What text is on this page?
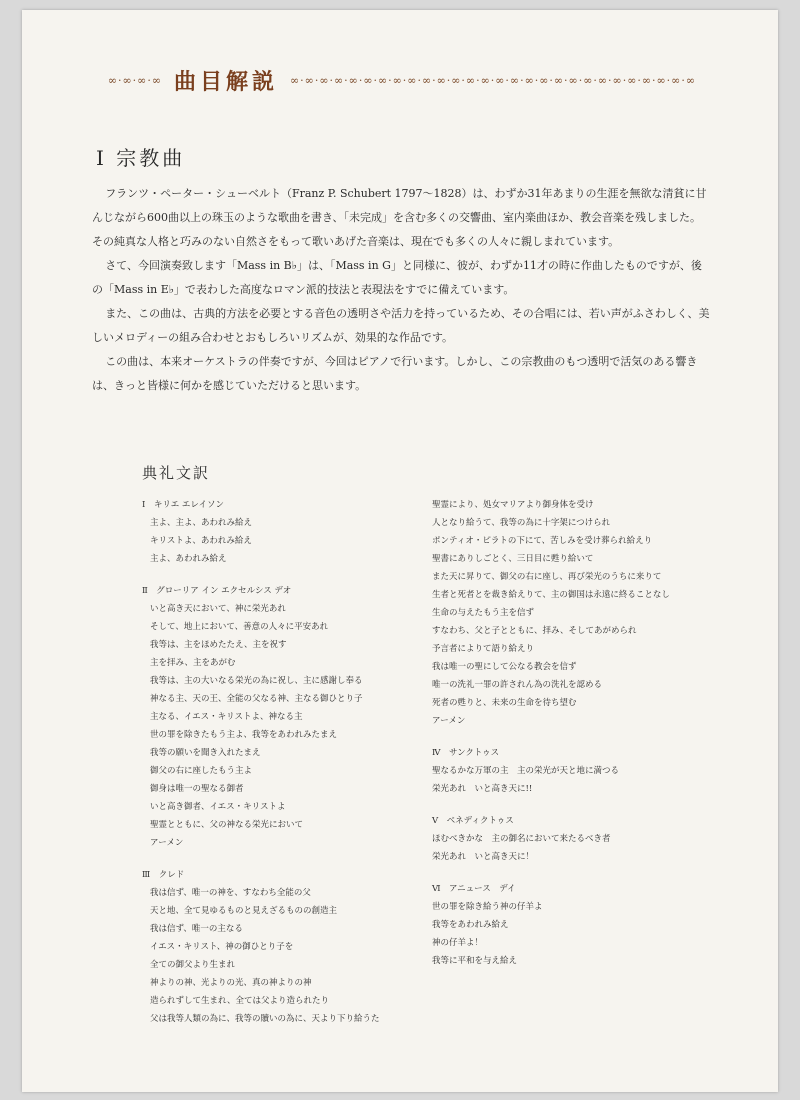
∞·∞·∞·∞ 曲目解説 ∞·∞·∞·∞·∞·∞·∞·∞·∞·∞·∞·∞·∞·∞·∞·∞·∞·∞·∞·∞·∞·∞·∞·∞·∞·∞·∞·∞
Ⅰ 宗教曲

フランツ・ペーター・シューベルト（Franz P. Schubert 1797〜1828）は、わずか31年あまりの生涯を無欲な清貧に甘んじながら600曲以上の珠玉のような歌曲を書き、「未完成」を含む多くの交響曲、室内楽曲ほか、教会音楽を残しました。その純真な人格と巧みのない自然さをもって歌いあげた音楽は、現在でも多くの人々に親しまれています。

さて、今回演奏致します「Mass in B♭」は、「Mass in G」と同様に、彼が、わずか11才の時に作曲したものですが、後の「Mass in E♭」で表わした高度なロマン派的技法と表現法をすでに備えています。

また、この曲は、古典的方法を必要とする音色の透明さや活力を持っているため、その合唱には、若い声がふさわしく、美しいメロディーの組み合わせとおもしろいリズムが、効果的な作品です。

この曲は、本来オーケストラの伴奏ですが、今回はピアノで行います。しかし、この宗教曲のもつ透明で活気のある響きは、きっと皆様に何かを感じていただけると思います。

典礼文訳
Ⅰ　キリエ エレイソン
主よ、主よ、あわれみ給え
キリストよ、あわれみ給え
主よ、あわれみ給え
Ⅱ　グローリア イン エクセルシス デオ
いと高き天において、神に栄光あれ
そして、地上において、善意の人々に平安あれ
我等は、主をほめたたえ、主を祝す
主を拝み、主をあがむ
我等は、主の大いなる栄光の為に祝し、主に感謝し奉る
神なる主、天の王、全能の父なる神、主なる御ひとり子
主なる、イエス・キリストよ、神なる主
世の罪を除きたもう主よ、我等をあわれみたまえ
我等の願いを聞き入れたまえ
御父の右に座したもう主よ
御身は唯一の聖なる御者
いと高き御者、イエス・キリストよ
聖霊とともに、父の神なる栄光において
アーメン
Ⅲ　クレド
我は信ず、唯一の神を、すなわち全能の父
天と地、全て見ゆるものと見えざるものの創造主
我は信ず、唯一の主なる
イエス・キリスト、神の御ひとり子を
全ての御父より生まれ
神よりの神、光よりの光、真の神よりの神
造られずして生まれ、全ては父より造られたり
父は我等人類の為に、我等の贖いの為に、天より下り給うた
聖霊により、処女マリアより御身体を受け
人となり給うて、我等の為に十字架につけられ
ポンティオ・ピラトの下にて、苦しみを受け葬られ給えり
聖書にありしごとく、三日目に甦り給いて
また天に昇りて、御父の右に座し、再び栄光のうちに来りて
生者と死者とを裁き給えりて、主の御国は永遠に終ることなし
生命の与えたもう主を信ず
すなわち、父と子とともに、拝み、そしてあがめられ
予言者によりて語り給えり
我は唯一の聖にして公なる教会を信ず
唯一の洗礼一罪の許されん為の洗礼を認める
死者の甦りと、未来の生命を待ち望む
アーメン
Ⅳ　サンクトゥス
聖なるかな万軍の主　主の栄光が天と地に満つる
栄光あれ　いと高き天に!!
Ⅴ　ベネディクトゥス
ほむべきかな　主の御名において来たるべき者
栄光あれ　いと高き天に！
Ⅵ　アニュース　デイ
世の罪を除き給う神の仔羊よ
我等をあわれみ給え
神の仔羊よ！
我等に平和を与え給え
